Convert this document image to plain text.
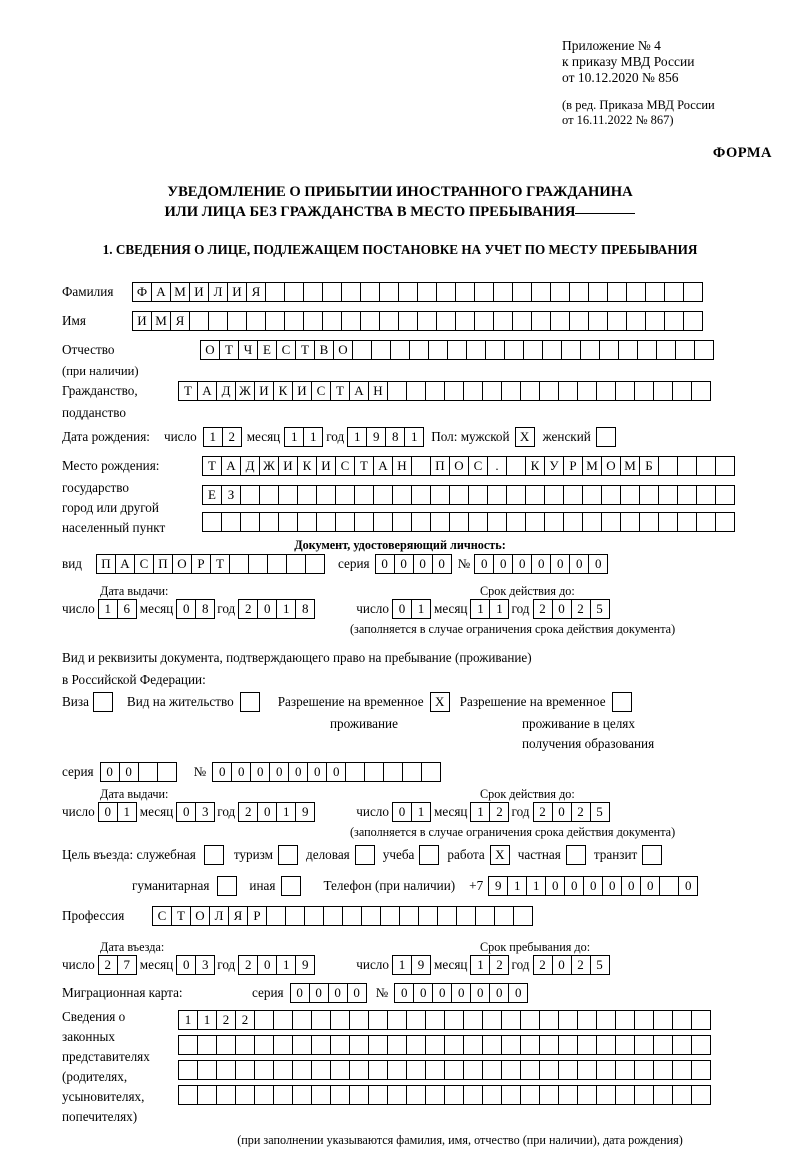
Приложение № 4
к приказу МВД России
от 10.12.2020 № 856
(в ред. Приказа МВД России
от 16.11.2022 № 867)
ФОРМА
УВЕДОМЛЕНИЕ О ПРИБЫТИИ ИНОСТРАННОГО ГРАЖДАНИНА
ИЛИ ЛИЦА БЕЗ ГРАЖДАНСТВА В МЕСТО ПРЕБЫВАНИЯ
1. СВЕДЕНИЯ О ЛИЦЕ, ПОДЛЕЖАЩЕМ ПОСТАНОВКЕ НА УЧЕТ ПО МЕСТУ ПРЕБЫВАНИЯ
Фамилия	Ф А М И Л И Я
Имя	И М Я
Отчество	О Т Ч Е С Т В О
(при наличии)
Гражданство,	Т А Д Ж И К И С Т А Н
подданство
Дата рождения: число 1 2 месяц 1 1 год 1 9 8 1	Пол: мужской X	женский
Место рождения:	Т А Д Ж И К И С Т А Н	П О С	.	К У Р М О М Б
государство	Е З
город или другой
населенный пункт
Документ, удостоверяющий личность:
вид	П А С П О Р Т	серия 0 0 0 0 № 0 0 0 0 0 0 0
Дата выдачи:	Срок действия до:
число 1 6 месяц 0 8 год 2 0 1 8	число 0 1 месяц 1 1 год 2 0 2 5
(заполняется в случае ограничения срока действия документа)
Вид и реквизиты документа, подтверждающего право на пребывание (проживание)
в Российской Федерации:
Виза	Вид на жительство	Разрешение на временное X	Разрешение на временное
проживание	проживание в целях
получения образования
серия 0 0	№ 0 0 0 0 0 0 0
Дата выдачи:	Срок действия до:
число 0 1 месяц 0 3 год 2 0 1 9	число 0 1 месяц 1 2 год 2 0 2 5
(заполняется в случае ограничения срока действия документа)
Цель въезда: служебная	туризм	деловая	учеба	работа X	частная	транзит
гуманитарная	иная	Телефон (при наличии) +7 9 1 1 0 0 0 0 0 0	0
Профессия	С Т О Л Я Р
Дата въезда:	Срок пребывания до:
число 2 7 месяц 0 3 год 2 0 1 9	число 1 9 месяц 1 2 год 2 0 2 5
Миграционная карта:	серия 0 0 0 0	№ 0 0 0 0 0 0 0
Сведения о
законных
представителях
(родителях,
усыновителях,
попечителях)
1 1 2 2
(при заполнении указываются фамилия, имя, отчество (при наличии), дата рождения)
